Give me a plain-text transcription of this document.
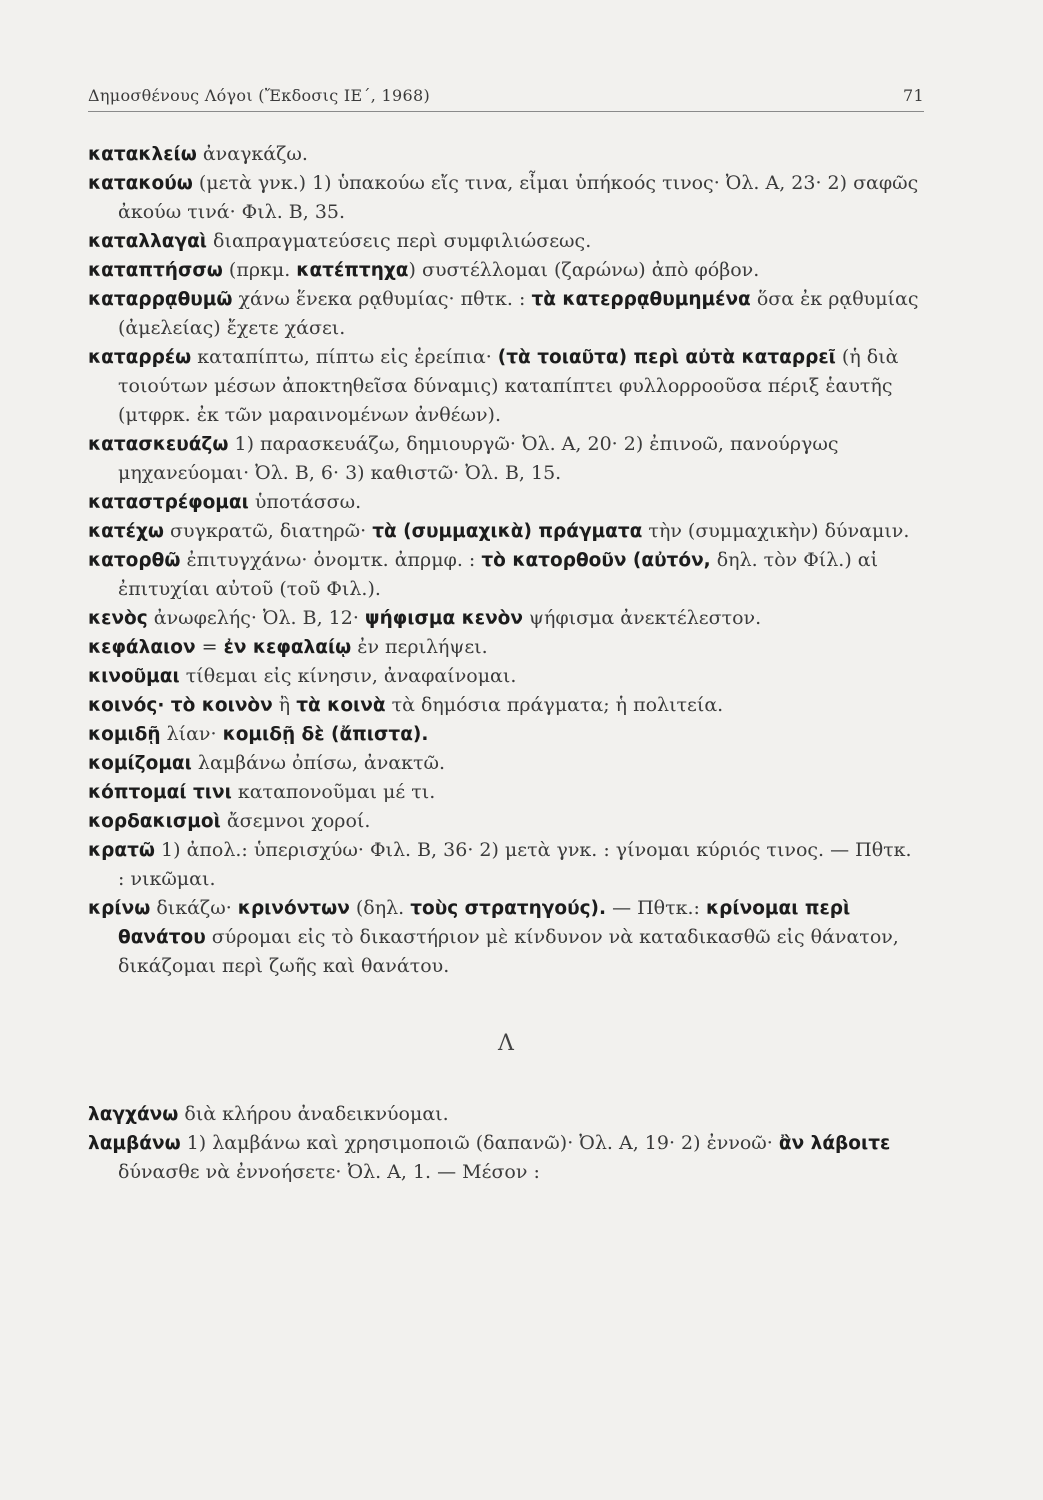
Δημοσθένους Λόγοι (Ἔκδοσις ΙΕ΄, 1968)	71

κατακλείω ἀναγκάζω.

κατακούω (μετὰ γνκ.) 1) ὑπακούω εἴς τινα, εἶμαι ὑπήκοός τινος· Ὀλ. Α, 23· 2) σαφῶς ἀκούω τινά· Φιλ. Β, 35.

καταλλαγαὶ διαπραγματεύσεις περὶ συμφιλιώσεως.

καταπτήσσω (πρκμ. κατέπτηχα) συστέλλομαι (ζαρώνω) ἀπὸ φόβον.

καταρρᾳθυμῶ χάνω ἕνεκα ρᾳθυμίας· πθτκ. : τὰ κατερρᾳθυμημένα ὅσα ἐκ ρᾳθυμίας (ἀμελείας) ἔχετε χάσει.

καταρρέω καταπίπτω, πίπτω εἰς ἐρείπια· (τὰ τοιαῦτα) περὶ αὐτὰ καταρρεῖ (ἡ διὰ τοιούτων μέσων ἀποκτηθεῖσα δύναμις) καταπίπτει φυλλορροοῦσα πέριξ ἑαυτῆς (μτφρκ. ἐκ τῶν μαραινομένων ἀνθέων).

κατασκευάζω 1) παρασκευάζω, δημιουργῶ· Ὀλ. Α, 20· 2) ἐπινοῶ, πανούργως μηχανεύομαι· Ὀλ. Β, 6· 3) καθιστῶ· Ὀλ. Β, 15.

καταστρέφομαι ὑποτάσσω.

κατέχω συγκρατῶ, διατηρῶ· τὰ (συμμαχικὰ) πράγματα τὴν (συμμαχικὴν) δύναμιν.

κατορθῶ ἐπιτυγχάνω· ὀνομτκ. ἀπρμφ. : τὸ κατορθοῦν (αὐτόν, δηλ. τὸν Φίλ.) αἱ ἐπιτυχίαι αὐτοῦ (τοῦ Φιλ.).

κενὸς ἀνωφελής· Ὀλ. Β, 12· ψήφισμα κενὸν ψήφισμα ἀνεκτέλεστον.

κεφάλαιον = ἐν κεφαλαίῳ ἐν περιλήψει.

κινοῦμαι τίθεμαι εἰς κίνησιν, ἀναφαίνομαι.

κοινός· τὸ κοινὸν ἢ τὰ κοινὰ τὰ δημόσια πράγματα; ἡ πολιτεία.

κομιδῇ λίαν· κομιδῇ δὲ (ἄπιστα).

κομίζομαι λαμβάνω ὀπίσω, ἀνακτῶ.

κόπτομαί τινι καταπονοῦμαι μέ τι.

κορδακισμοὶ ἄσεμνοι χοροί.

κρατῶ 1) ἀπολ.: ὑπερισχύω· Φιλ. Β, 36· 2) μετὰ γνκ. : γίνομαι κύριός τινος. — Πθτκ. : νικῶμαι.

κρίνω δικάζω· κρινόντων (δηλ. τοὺς στρατηγούς). — Πθτκ.: κρίνομαι περὶ θανάτου σύρομαι εἰς τὸ δικαστήριον μὲ κίνδυνον νὰ καταδικασθῶ εἰς θάνατον, δικάζομαι περὶ ζωῆς καὶ θανάτου.

Λ

λαγχάνω διὰ κλήρου ἀναδεικνύομαι.

λαμβάνω 1) λαμβάνω καὶ χρησιμοποιῶ (δαπανῶ)· Ὀλ. Α, 19· 2) ἐννοῶ· ἂν λάβοιτε δύνασθε νὰ ἐννοήσετε· Ὀλ. Α, 1. — Μέσον :
